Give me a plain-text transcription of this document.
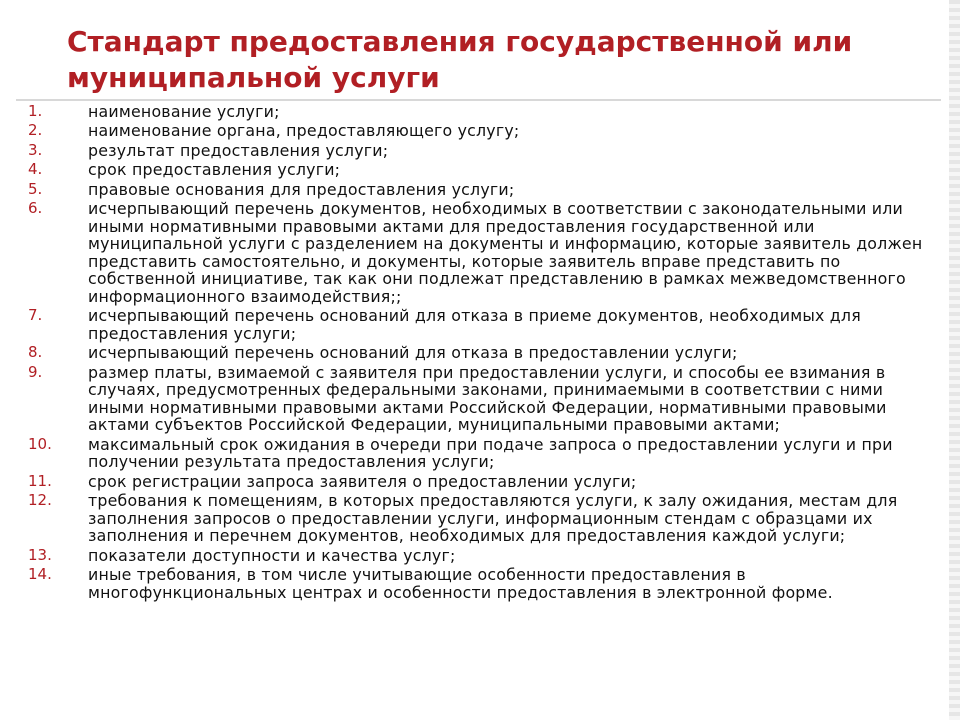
Стандарт предоставления государственной или муниципальной услуги
1.	наименование услуги;
2.	наименование органа, предоставляющего услугу;
3.	результат предоставления услуги;
4.	срок предоставления услуги;
5.	правовые основания для предоставления услуги;
6.	исчерпывающий перечень документов, необходимых в соответствии с законодательными или иными нормативными правовыми актами для предоставления государственной или муниципальной услуги с разделением на документы и информацию, которые заявитель должен представить самостоятельно, и документы, которые заявитель вправе представить по собственной инициативе, так как они подлежат представлению в рамках межведомственного информационного взаимодействия;;
7.	исчерпывающий перечень оснований для отказа в приеме документов, необходимых для предоставления услуги;
8.	исчерпывающий перечень оснований для отказа в предоставлении услуги;
9.	размер платы, взимаемой с заявителя при предоставлении услуги, и способы ее взимания в случаях, предусмотренных федеральными законами, принимаемыми в соответствии с ними иными нормативными правовыми актами Российской Федерации, нормативными правовыми актами субъектов Российской Федерации, муниципальными правовыми актами;
10.	максимальный срок ожидания в очереди при подаче запроса о предоставлении услуги и при получении результата предоставления услуги;
11.	срок регистрации запроса заявителя о предоставлении услуги;
12.	требования к помещениям, в которых предоставляются услуги, к залу ожидания, местам для заполнения запросов о предоставлении услуги, информационным стендам с образцами их заполнения и перечнем документов, необходимых для предоставления каждой услуги;
13.	показатели доступности и качества услуг;
14.	иные требования, в том числе учитывающие особенности предоставления в многофункциональных центрах и особенности предоставления в электронной форме.
